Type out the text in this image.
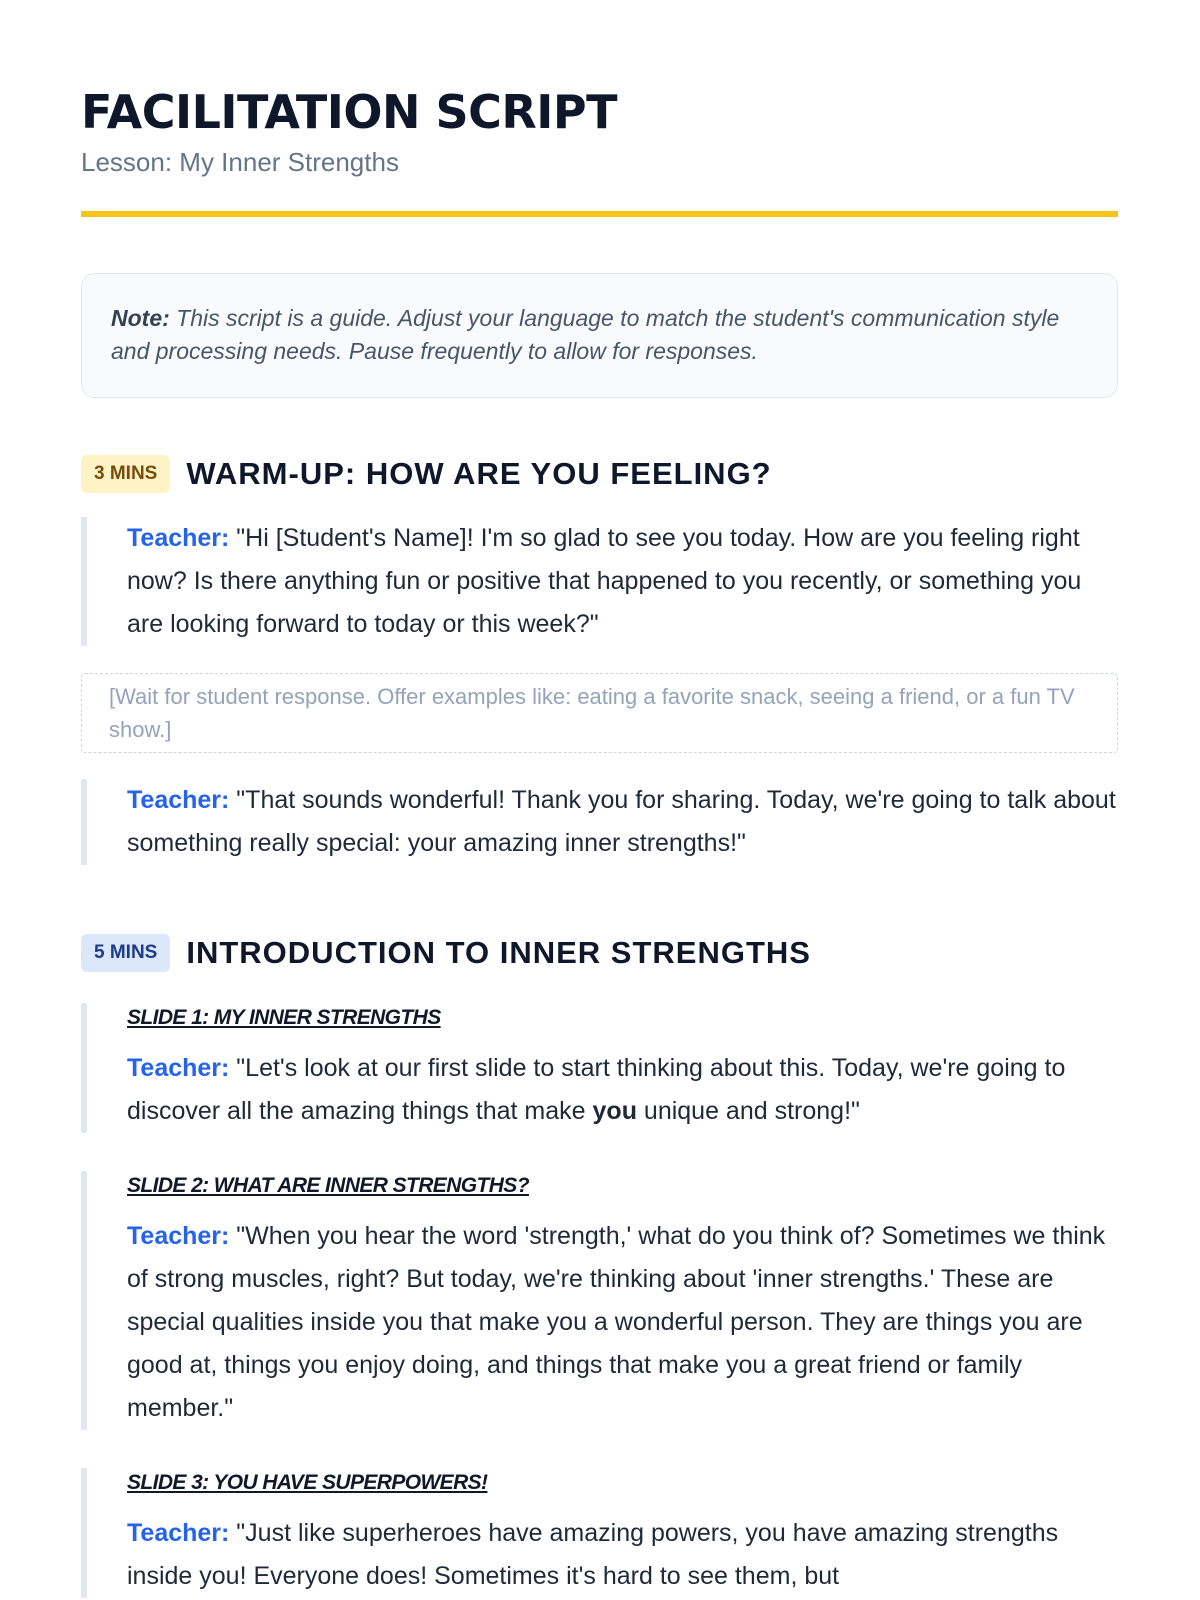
FACILITATION SCRIPT
Lesson: My Inner Strengths
Note: This script is a guide. Adjust your language to match the student's communication style and processing needs. Pause frequently to allow for responses.
3 MINS WARM-UP: HOW ARE YOU FEELING?
Teacher: "Hi [Student's Name]! I'm so glad to see you today. How are you feeling right now? Is there anything fun or positive that happened to you recently, or something you are looking forward to today or this week?"
[Wait for student response. Offer examples like: eating a favorite snack, seeing a friend, or a fun TV show.]
Teacher: "That sounds wonderful! Thank you for sharing. Today, we're going to talk about something really special: your amazing inner strengths!"
5 MINS INTRODUCTION TO INNER STRENGTHS
SLIDE 1: MY INNER STRENGTHS
Teacher: "Let's look at our first slide to start thinking about this. Today, we're going to discover all the amazing things that make you unique and strong!"
SLIDE 2: WHAT ARE INNER STRENGTHS?
Teacher: "When you hear the word 'strength,' what do you think of? Sometimes we think of strong muscles, right? But today, we're thinking about 'inner strengths.' These are special qualities inside you that make you a wonderful person. They are things you are good at, things you enjoy doing, and things that make you a great friend or family member."
SLIDE 3: YOU HAVE SUPERPOWERS!
Teacher: "Just like superheroes have amazing powers, you have amazing strengths inside you! Everyone does! Sometimes it's hard to see them, but
